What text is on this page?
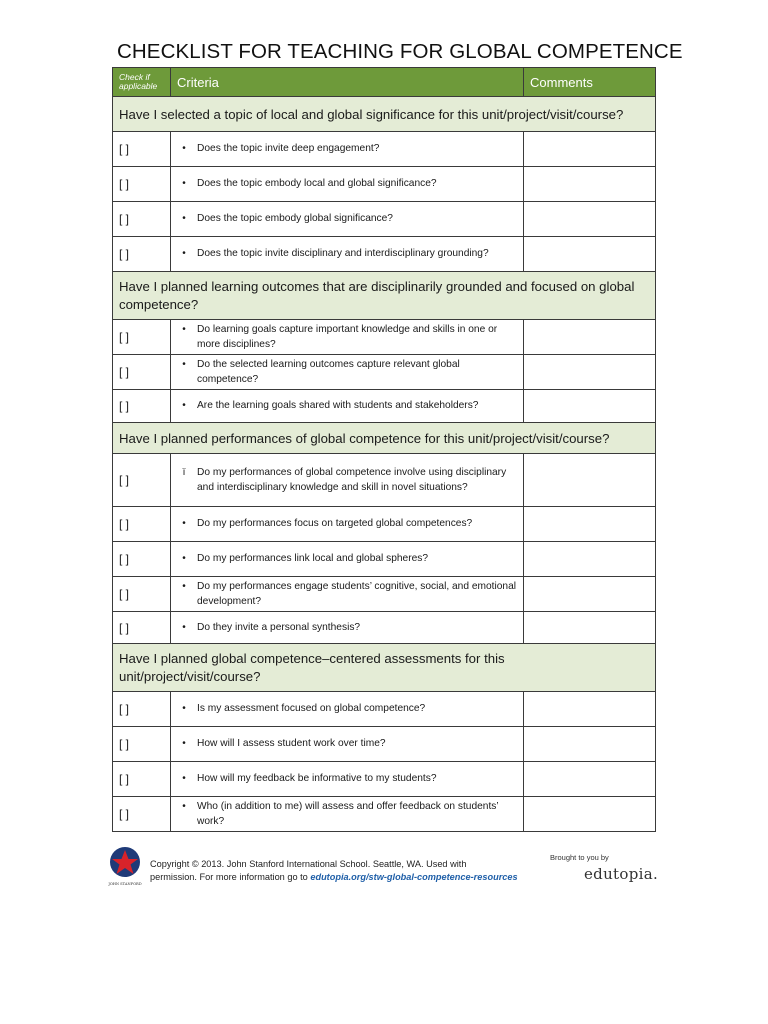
CHECKLIST FOR TEACHING FOR GLOBAL COMPETENCE
Check if applicable	Criteria	Comments
Have I selected a topic of local and global significance for this unit/project/visit/course?		
[ ]	• Does the topic invite deep engagement?	

[ ]	• Does the topic embody local and global significance?	

[ ]	• Does the topic embody global significance?	

[ ]	• Does the topic invite disciplinary and interdisciplinary grounding?	

Have I planned learning outcomes that are disciplinarily grounded and focused on global competence?		
[ ]	• Do learning goals capture important knowledge and skills in one or more disciplines?	

[ ]	• Do the selected learning outcomes capture relevant global competence?	

[ ]	• Are the learning goals shared with students and stakeholders?	

Have I planned performances of global competence for this unit/project/visit/course?		
[ ]	ï Do my performances of global competence involve using disciplinary and interdisciplinary knowledge and skill in novel situations?	

[ ]	• Do my performances focus on targeted global competences?	

[ ]	• Do my performances link local and global spheres?	

[ ]	• Do my performances engage students’ cognitive, social, and emotional development?	

[ ]	• Do they invite a personal synthesis?	

Have I planned global competence–centered assessments for this unit/project/visit/course?		
[ ]	• Is my assessment focused on global competence?	

[ ]	• How will I assess student work over time?	

[ ]	• How will my feedback be informative to my students?	

[ ]	• Who (in addition to me) will assess and offer feedback on students’ work?	

JOHN STANFORD
Copyright © 2013. John Stanford International School. Seattle, WA. Used with
permission. For more information go to edutopia.org/stw-global-competence-resources
Brought to you by
edutopia.
